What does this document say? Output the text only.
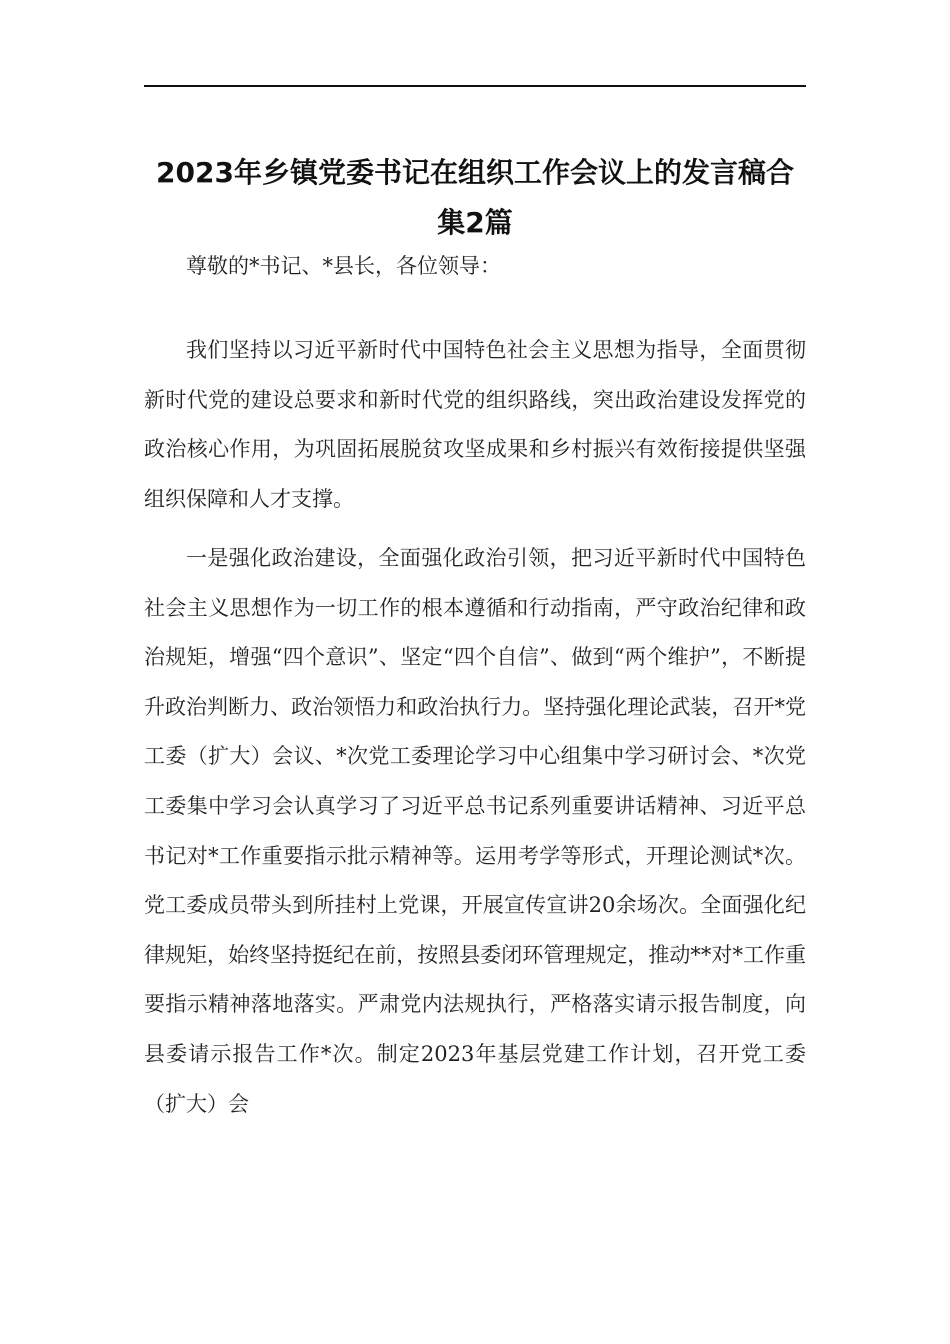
2023年乡镇党委书记在组织工作会议上的发言稿合集2篇

尊敬的*书记、*县长，各位领导：

我们坚持以习近平新时代中国特色社会主义思想为指导，全面贯彻新时代党的建设总要求和新时代党的组织路线，突出政治建设发挥党的政治核心作用，为巩固拓展脱贫攻坚成果和乡村振兴有效衔接提供坚强组织保障和人才支撑。

一是强化政治建设，全面强化政治引领，把习近平新时代中国特色社会主义思想作为一切工作的根本遵循和行动指南，严守政治纪律和政治规矩，增强“四个意识”、坚定“四个自信”、做到“两个维护”，不断提升政治判断力、政治领悟力和政治执行力。坚持强化理论武装，召开*党工委（扩大）会议、*次党工委理论学习中心组集中学习研讨会、*次党工委集中学习会认真学习了习近平总书记系列重要讲话精神、习近平总书记对*工作重要指示批示精神等。运用考学等形式，开理论测试*次。党工委成员带头到所挂村上党课，开展宣传宣讲20余场次。全面强化纪律规矩，始终坚持挺纪在前，按照县委闭环管理规定，推动**对*工作重要指示精神落地落实。严肃党内法规执行，严格落实请示报告制度，向县委请示报告工作*次。制定2023年基层党建工作计划，召开党工委（扩大）会
